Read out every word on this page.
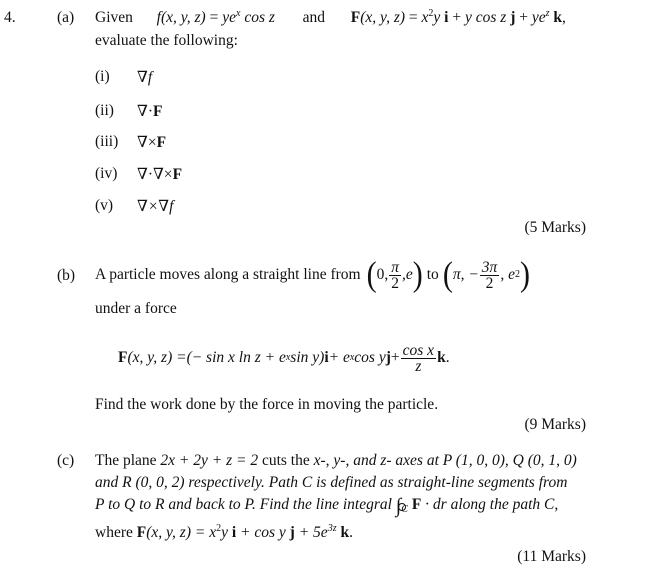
4.	(a) Given f(x, y, $z) = ye^x$ cos z and F(x, y, $z) = x^2y$ i + y cos z $j + ye^z$ k,
evaluate the following:
(i) ∇f
(ii) ∇·F
(iii) ∇×F
(iv) ∇·∇×F
(v) ∇×∇f
(5 Marks)
(b) A particle moves along a straight line from ( 0, $\frac{\pi}{2} ,e$ ) to ( π, − $\frac{3\pi}{2}$ , e 2 )
under a force
F (x, y, z) = (− sin x ln z + e x sin y) i + e x cos y $j + \frac{\text{cos x}}{z}$ k .
Find the work done by the force in moving the particle.
(9 Marks)
(c) The plane 2x + 2y + z = 2 cuts the x-, y-, and z- axes at P (1, 0, 0), Q (0, 1, 0)
and R (0, 0, 2) respectively. Path C is defined as straight-line segments from
P to Q to R and back to P. Find the line integral ∫
$_C$ F · dr along the path C,
where F(x, y, $z) = x^2y$ i + cos y $j + 5e^{3z}$ k.
(11 Marks)
